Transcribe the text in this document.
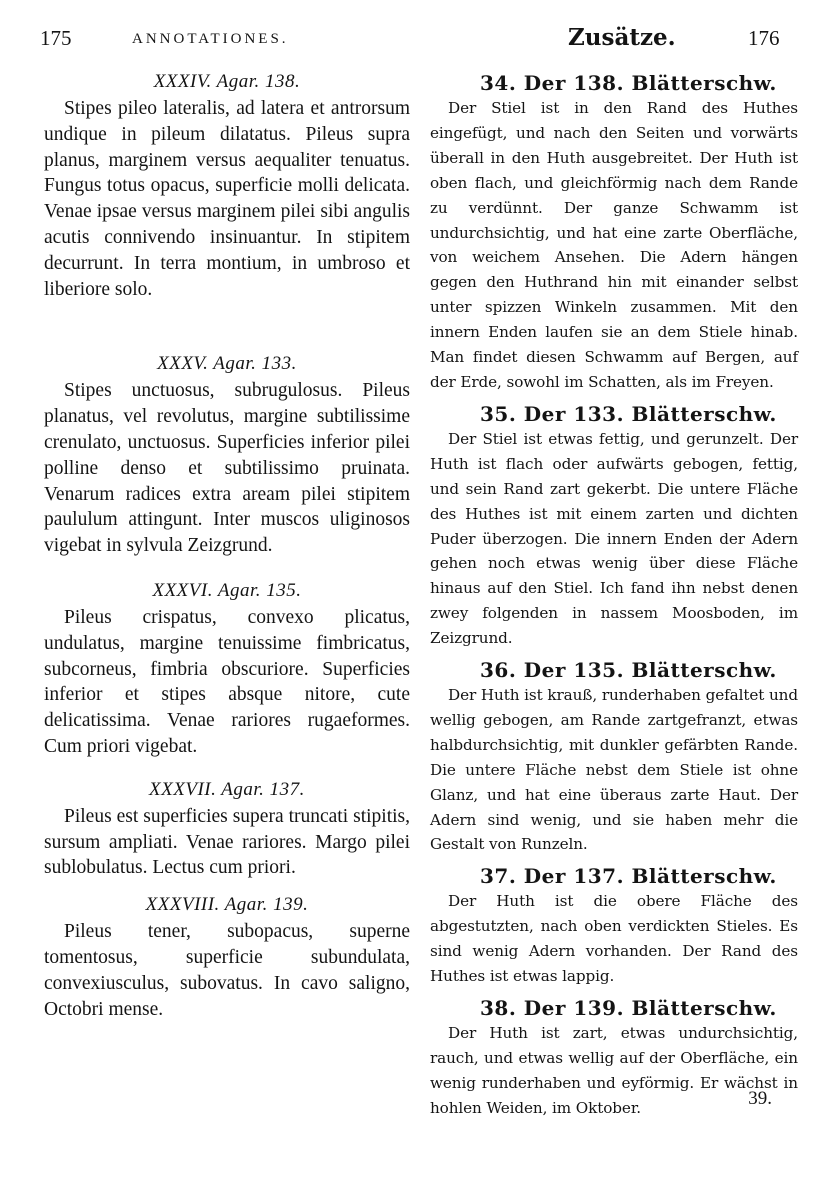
175	ANNOTATIONES.	Zusätze.	176
XXXIV. Agar. 138.

Stipes pileo lateralis, ad latera et antrorsum undique in pileum dilatatus. Pileus supra planus, marginem versus aequaliter tenuatus. Fungus totus opacus, superficie molli delicata. Venae ipsae versus marginem pilei sibi angulis acutis connivendo insinuantur. In stipitem decurrunt. In terra montium, in umbroso et liberiore solo.

XXXV. Agar. 133.

Stipes unctuosus, subrugulosus. Pileus planatus, vel revolutus, margine subtilissime crenulato, unctuosus. Superficies inferior pilei polline denso et subtilissimo pruinata. Venarum radices extra aream pilei stipitem paululum attingunt. Inter muscos uliginosos vigebat in sylvula Zeizgrund.

XXXVI. Agar. 135.

Pileus crispatus, convexo plicatus, undulatus, margine tenuissime fimbricatus, subcorneus, fimbria obscuriore. Superficies inferior et stipes absque nitore, cute delicatissima. Venae rariores rugaeformes. Cum priori vigebat.

XXXVII. Agar. 137.

Pileus est superficies supera truncati stipitis, sursum ampliati. Venae rariores. Margo pilei sublobulatus. Lectus cum priori.

XXXVIII. Agar. 139.

Pileus tener, subopacus, superne tomentosus, superficie subundulata, convexiusculus, subovatus. In cavo saligno, Octobri mense.

34. Der 138. Blätterschw.

Der Stiel ist in den Rand des Huthes eingefügt, und nach den Seiten und vorwärts überall in den Huth ausgebreitet. Der Huth ist oben flach, und gleichförmig nach dem Rande zu verdünnt. Der ganze Schwamm ist undurchsichtig, und hat eine zarte Oberfläche, von weichem Ansehen. Die Adern hängen gegen den Huthrand hin mit einander selbst unter spizzen Winkeln zusammen. Mit den innern Enden laufen sie an dem Stiele hinab. Man findet diesen Schwamm auf Bergen, auf der Erde, sowohl im Schatten, als im Freyen.

35. Der 133. Blätterschw.

Der Stiel ist etwas fettig, und gerunzelt. Der Huth ist flach oder aufwärts gebogen, fettig, und sein Rand zart gekerbt. Die untere Fläche des Huthes ist mit einem zarten und dichten Puder überzogen. Die innern Enden der Adern gehen noch etwas wenig über diese Fläche hinaus auf den Stiel. Ich fand ihn nebst denen zwey folgenden in nassem Moosboden, im Zeizgrund.

36. Der 135. Blätterschw.

Der Huth ist krauß, runderhaben gefaltet und wellig gebogen, am Rande zartgefranzt, etwas halbdurchsichtig, mit dunkler gefärbten Rande. Die untere Fläche nebst dem Stiele ist ohne Glanz, und hat eine überaus zarte Haut. Der Adern sind wenig, und sie haben mehr die Gestalt von Runzeln.

37. Der 137. Blätterschw.

Der Huth ist die obere Fläche des abgestutzten, nach oben verdickten Stieles. Es sind wenig Adern vorhanden. Der Rand des Huthes ist etwas lappig.

38. Der 139. Blätterschw.

Der Huth ist zart, etwas undurchsichtig, rauch, und etwas wellig auf der Oberfläche, ein wenig runderhaben und eyförmig. Er wächst in hohlen Weiden, im Oktober.	39.
